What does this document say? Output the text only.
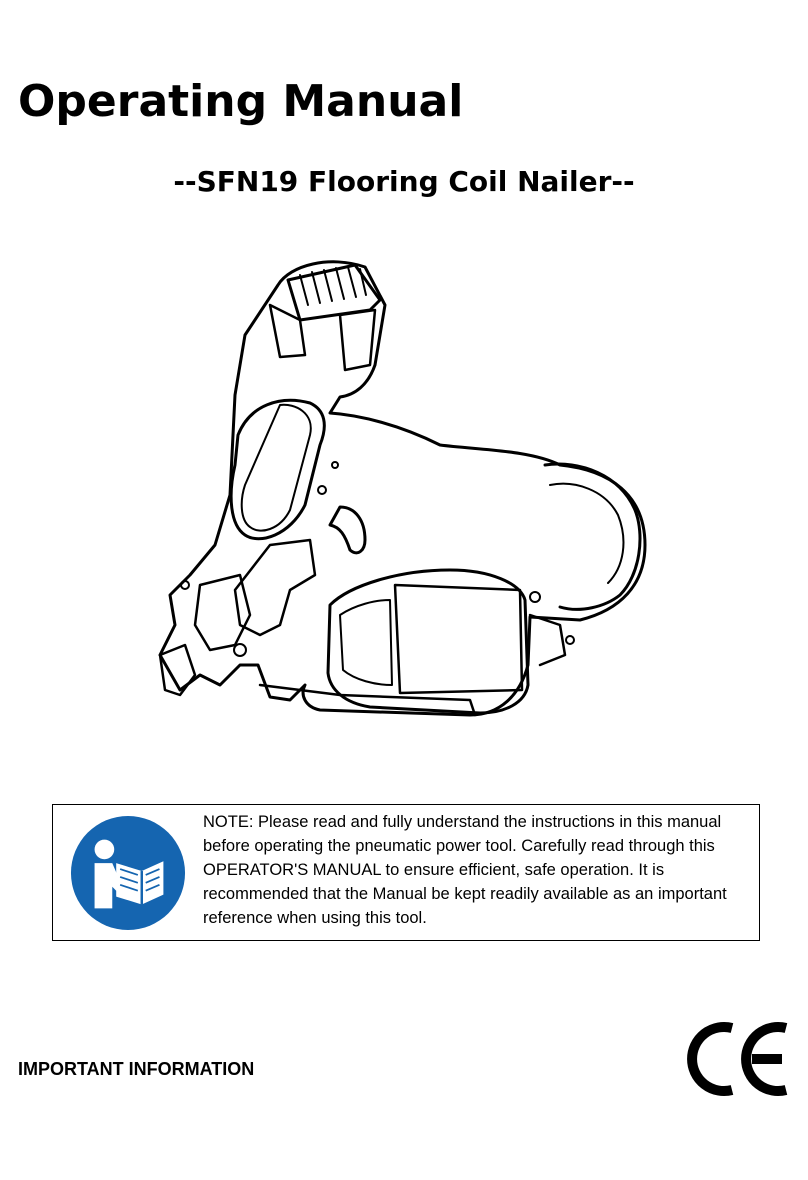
Operating Manual
--SFN19 Flooring Coil Nailer--

NOTE: Please read and fully understand the instructions in this manual before operating the pneumatic power tool. Carefully read through this OPERATOR'S MANUAL to ensure efficient, safe operation. It is recommended that the Manual be kept readily available as an important reference when using this tool.

IMPORTANT INFORMATION
